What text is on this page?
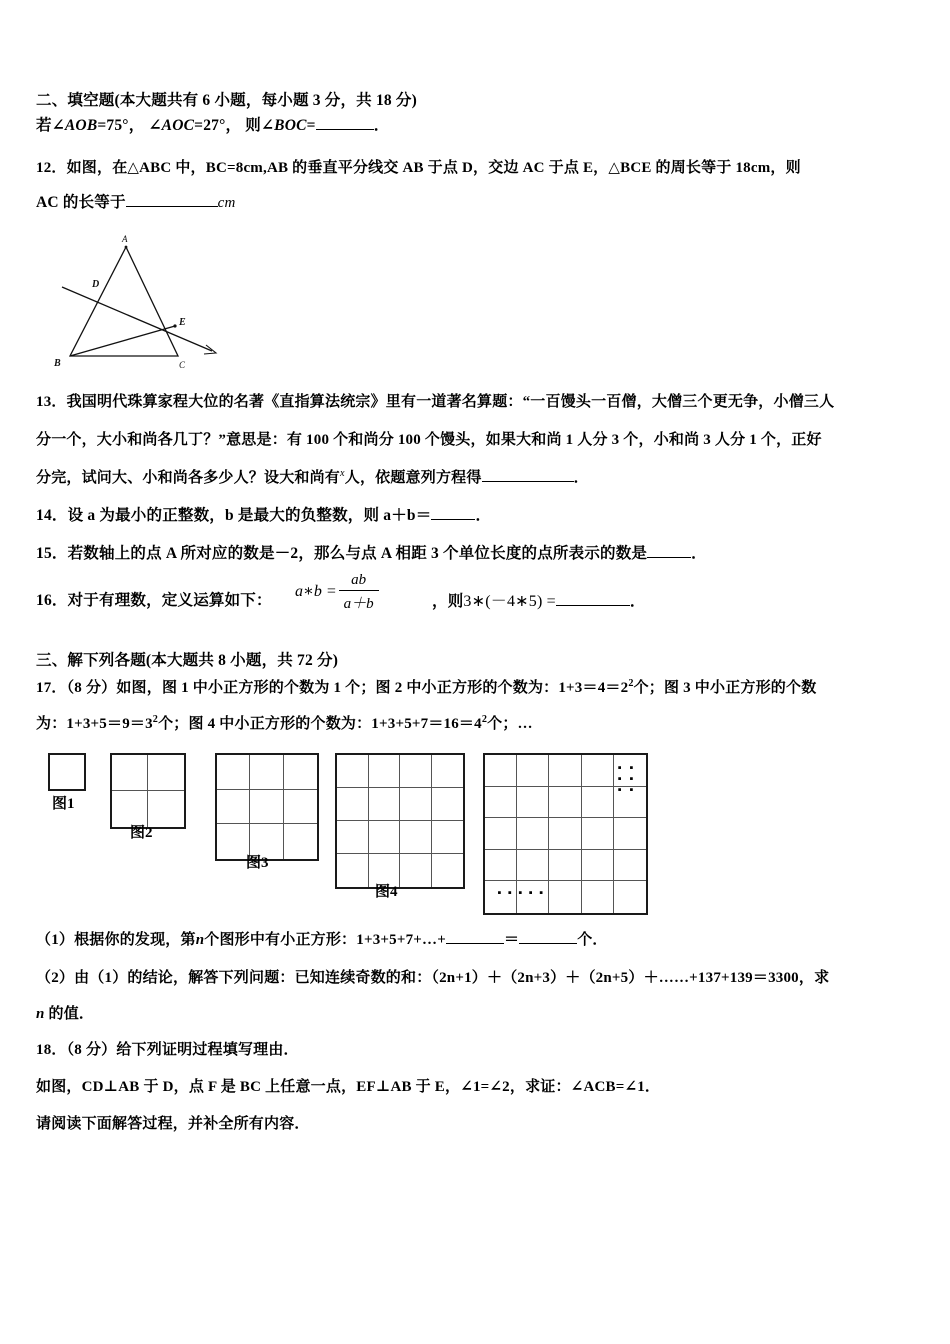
二、填空题(本大题共有 6 小题，每小题 3 分，共 18 分)
若∠AOB=75°， ∠AOC=27°， 则∠BOC=	．
12．如图，在△ABC 中，BC=8cm,AB 的垂直平分线交 AB 于点 D，交边 AC 于点 E，△BCE 的周长等于 18cm，则
AC 的长等于	cm
A
D
E
B	C
13．我国明代珠算家程大位的名著《直指算法统宗》里有一道著名算题：“一百馒头一百僧，大僧三个更无争，小僧三人
分一个，大小和尚各几丁？”意思是：有 100 个和尚分 100 个馒头，如果大和尚 1 人分 3 个，小和尚 3 人分 1 个，正好
分完，试问大、小和尚各多少人？设大和尚有$^x$人，依题意列方程得	．
14．设 a 为最小的正整数，b 是最大的负整数，则 a＋b＝	．
15．若数轴上的点 A 所对应的数是－2，那么与点 A 相距 3 个单位长度的点所表示的数是	．
16．对于有理数，定义运算如下：
a∗b = $\frac{ab}{a+b}$	，则3∗(－4∗5) =	．
三、解下列各题(本大题共 8 小题，共 72 分)
17．（8 分）如图，图 1 中小正方形的个数为 1 个；图 2 中小正方形的个数为：$1+3=4=2^2$个；图 3 中小正方形的个数
为：$1+3+5=9=3^2$个；图 4 中小正方形的个数为：$1+3+5+7=16=4^2$个；…
图1
图2
图3
图4
▪ ▪ ▪ ▪ ▪ ▪
▪ ▪ ▪ ▪ ▪
（1）根据你的发现，第n个图形中有小正方形：1+3+5+7+…+	＝	个．
（2）由（1）的结论，解答下列问题：已知连续奇数的和：（2n+1）＋（2n+3）＋（2n+5）＋……+137+139＝3300，求
n 的值．
18．（8 分）给下列证明过程填写理由．
如图，CD⊥AB 于 D，点 F 是 BC 上任意一点，EF⊥AB 于 E，∠1=∠2，求证：∠ACB=∠1．
请阅读下面解答过程，并补全所有内容．
